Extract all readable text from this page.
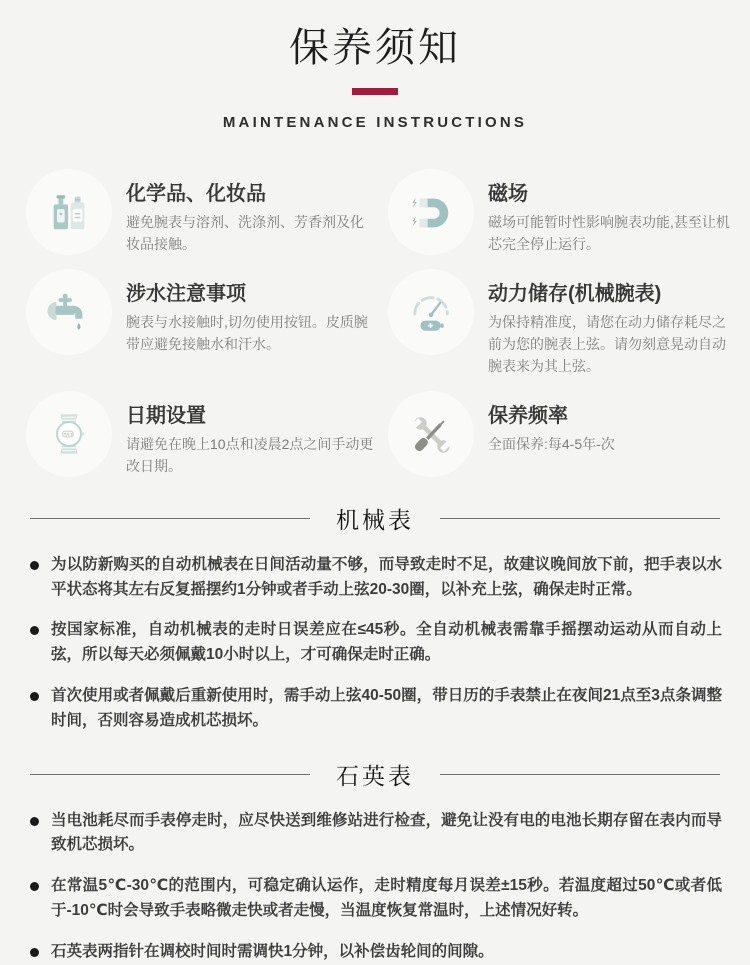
保养须知
MAINTENANCE INSTRUCTIONS
化学品、化妆品
避免腕表与溶剂、洗涤剂、芳香剂及化妆品接触。
磁场
磁场可能暂时性影响腕表功能,甚至让机芯完全停止运行。
涉水注意事项
腕表与水接触时,切勿使用按钮。皮质腕带应避免接触水和汗水。
动力储存(机械腕表)
为保持精准度，请您在动力储存耗尽之前为您的腕表上弦。请勿刻意晃动自动腕表来为其上弦。
TUE 8
日期设置
请避免在晚上10点和凌晨2点之间手动更改日期。
保养频率
全面保养:每4-5年-次
机械表
为以防新购买的自动机械表在日间活动量不够，而导致走时不足，故建议晚间放下前，把手表以水平状态将其左右反复摇摆约1分钟或者手动上弦20-30圈，以补充上弦，确保走时正常。
按国家标准，自动机械表的走时日误差应在≤45秒。全自动机械表需靠手摇摆动运动从而自动上弦，所以每天必须佩戴10小时以上，才可确保走时正确。
首次使用或者佩戴后重新使用时，需手动上弦40-50圈，带日历的手表禁止在夜间21点至3点条调整时间，否则容易造成机芯损坏。
石英表
当电池耗尽而手表停走时，应尽快送到维修站进行检查，避免让没有电的电池长期存留在表内而导致机芯损坏。
在常温5℃-30℃的范围内，可稳定确认运作，走时精度每月误差±15秒。若温度超过50℃或者低于-10℃时会导致手表略微走快或者走慢，当温度恢复常温时，上述情况好转。
石英表两指针在调校时间时需调快1分钟，以补偿齿轮间的间隙。
